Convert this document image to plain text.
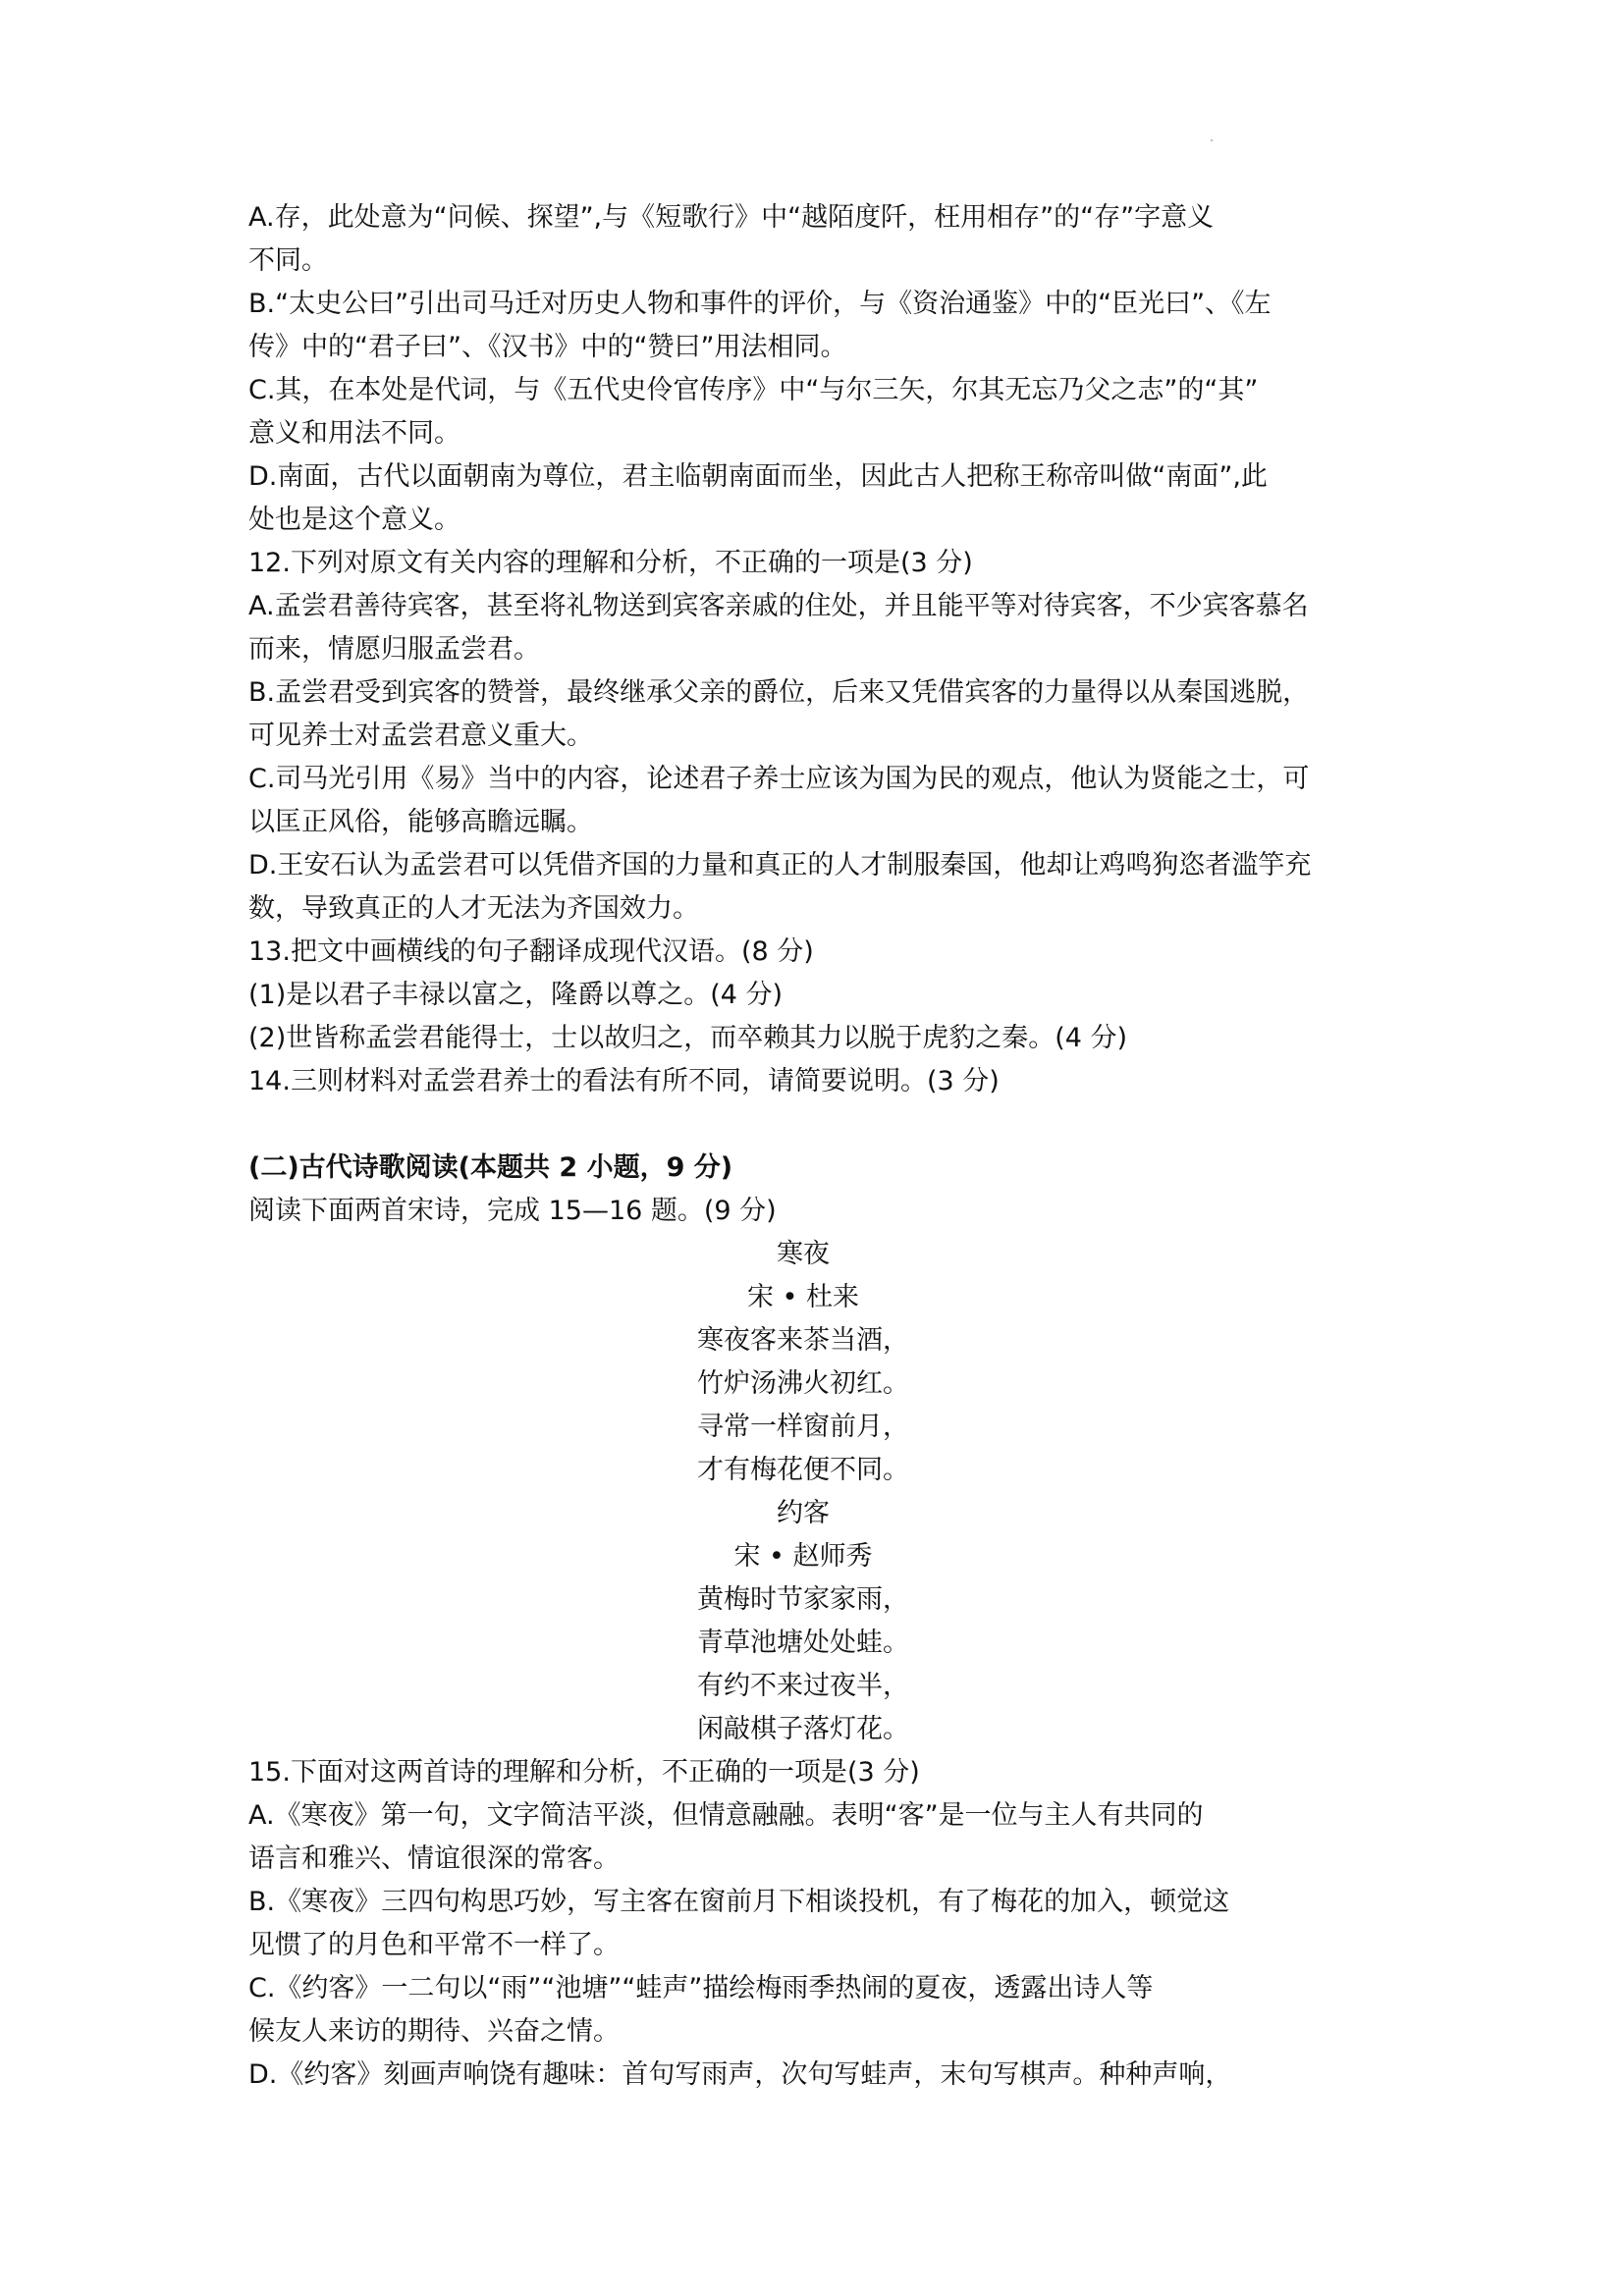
A.存，此处意为“问候、探望”,与《短歌行》中“越陌度阡，枉用相存”的“存”字意义
不同。
B.“太史公曰”引出司马迁对历史人物和事件的评价，与《资治通鉴》中的“臣光曰”、《左
传》中的“君子曰”、《汉书》中的“赞曰”用法相同。
C.其，在本处是代词，与《五代史伶官传序》中“与尔三矢，尔其无忘乃父之志”的“其”
意义和用法不同。
D.南面，古代以面朝南为尊位，君主临朝南面而坐，因此古人把称王称帝叫做“南面”,此
处也是这个意义。
12.下列对原文有关内容的理解和分析，不正确的一项是(3 分)
A.孟尝君善待宾客，甚至将礼物送到宾客亲戚的住处，并且能平等对待宾客，不少宾客慕名
而来，情愿归服孟尝君。
B.孟尝君受到宾客的赞誉，最终继承父亲的爵位，后来又凭借宾客的力量得以从秦国逃脱，
可见养士对孟尝君意义重大。
C.司马光引用《易》当中的内容，论述君子养士应该为国为民的观点，他认为贤能之士，可
以匡正风俗，能够高瞻远瞩。
D.王安石认为孟尝君可以凭借齐国的力量和真正的人才制服秦国，他却让鸡鸣狗恣者滥竽充
数，导致真正的人才无法为齐国效力。
13.把文中画横线的句子翻译成现代汉语。(8 分)
(1)是以君子丰禄以富之，隆爵以尊之。(4 分)
(2)世皆称孟尝君能得士，士以故归之，而卒赖其力以脱于虎豹之秦。(4 分)
14.三则材料对孟尝君养士的看法有所不同，请简要说明。(3 分)
(二)古代诗歌阅读(本题共 2 小题，9 分)
阅读下面两首宋诗，完成 15—16 题。(9 分)
寒夜
宋 • 杜来
寒夜客来茶当酒，
竹炉汤沸火初红。
寻常一样窗前月，
才有梅花便不同。
约客
宋 • 赵师秀
黄梅时节家家雨，
青草池塘处处蛙。
有约不来过夜半，
闲敲棋子落灯花。
15.下面对这两首诗的理解和分析，不正确的一项是(3 分)
A.《寒夜》第一句，文字简洁平淡，但情意融融。表明“客”是一位与主人有共同的
语言和雅兴、情谊很深的常客。
B.《寒夜》三四句构思巧妙，写主客在窗前月下相谈投机，有了梅花的加入，顿觉这
见惯了的月色和平常不一样了。
C.《约客》一二句以“雨”“池塘”“蛙声”描绘梅雨季热闹的夏夜，透露出诗人等
候友人来访的期待、兴奋之情。
D.《约客》刻画声响饶有趣味：首句写雨声，次句写蛙声，末句写棋声。种种声响，
